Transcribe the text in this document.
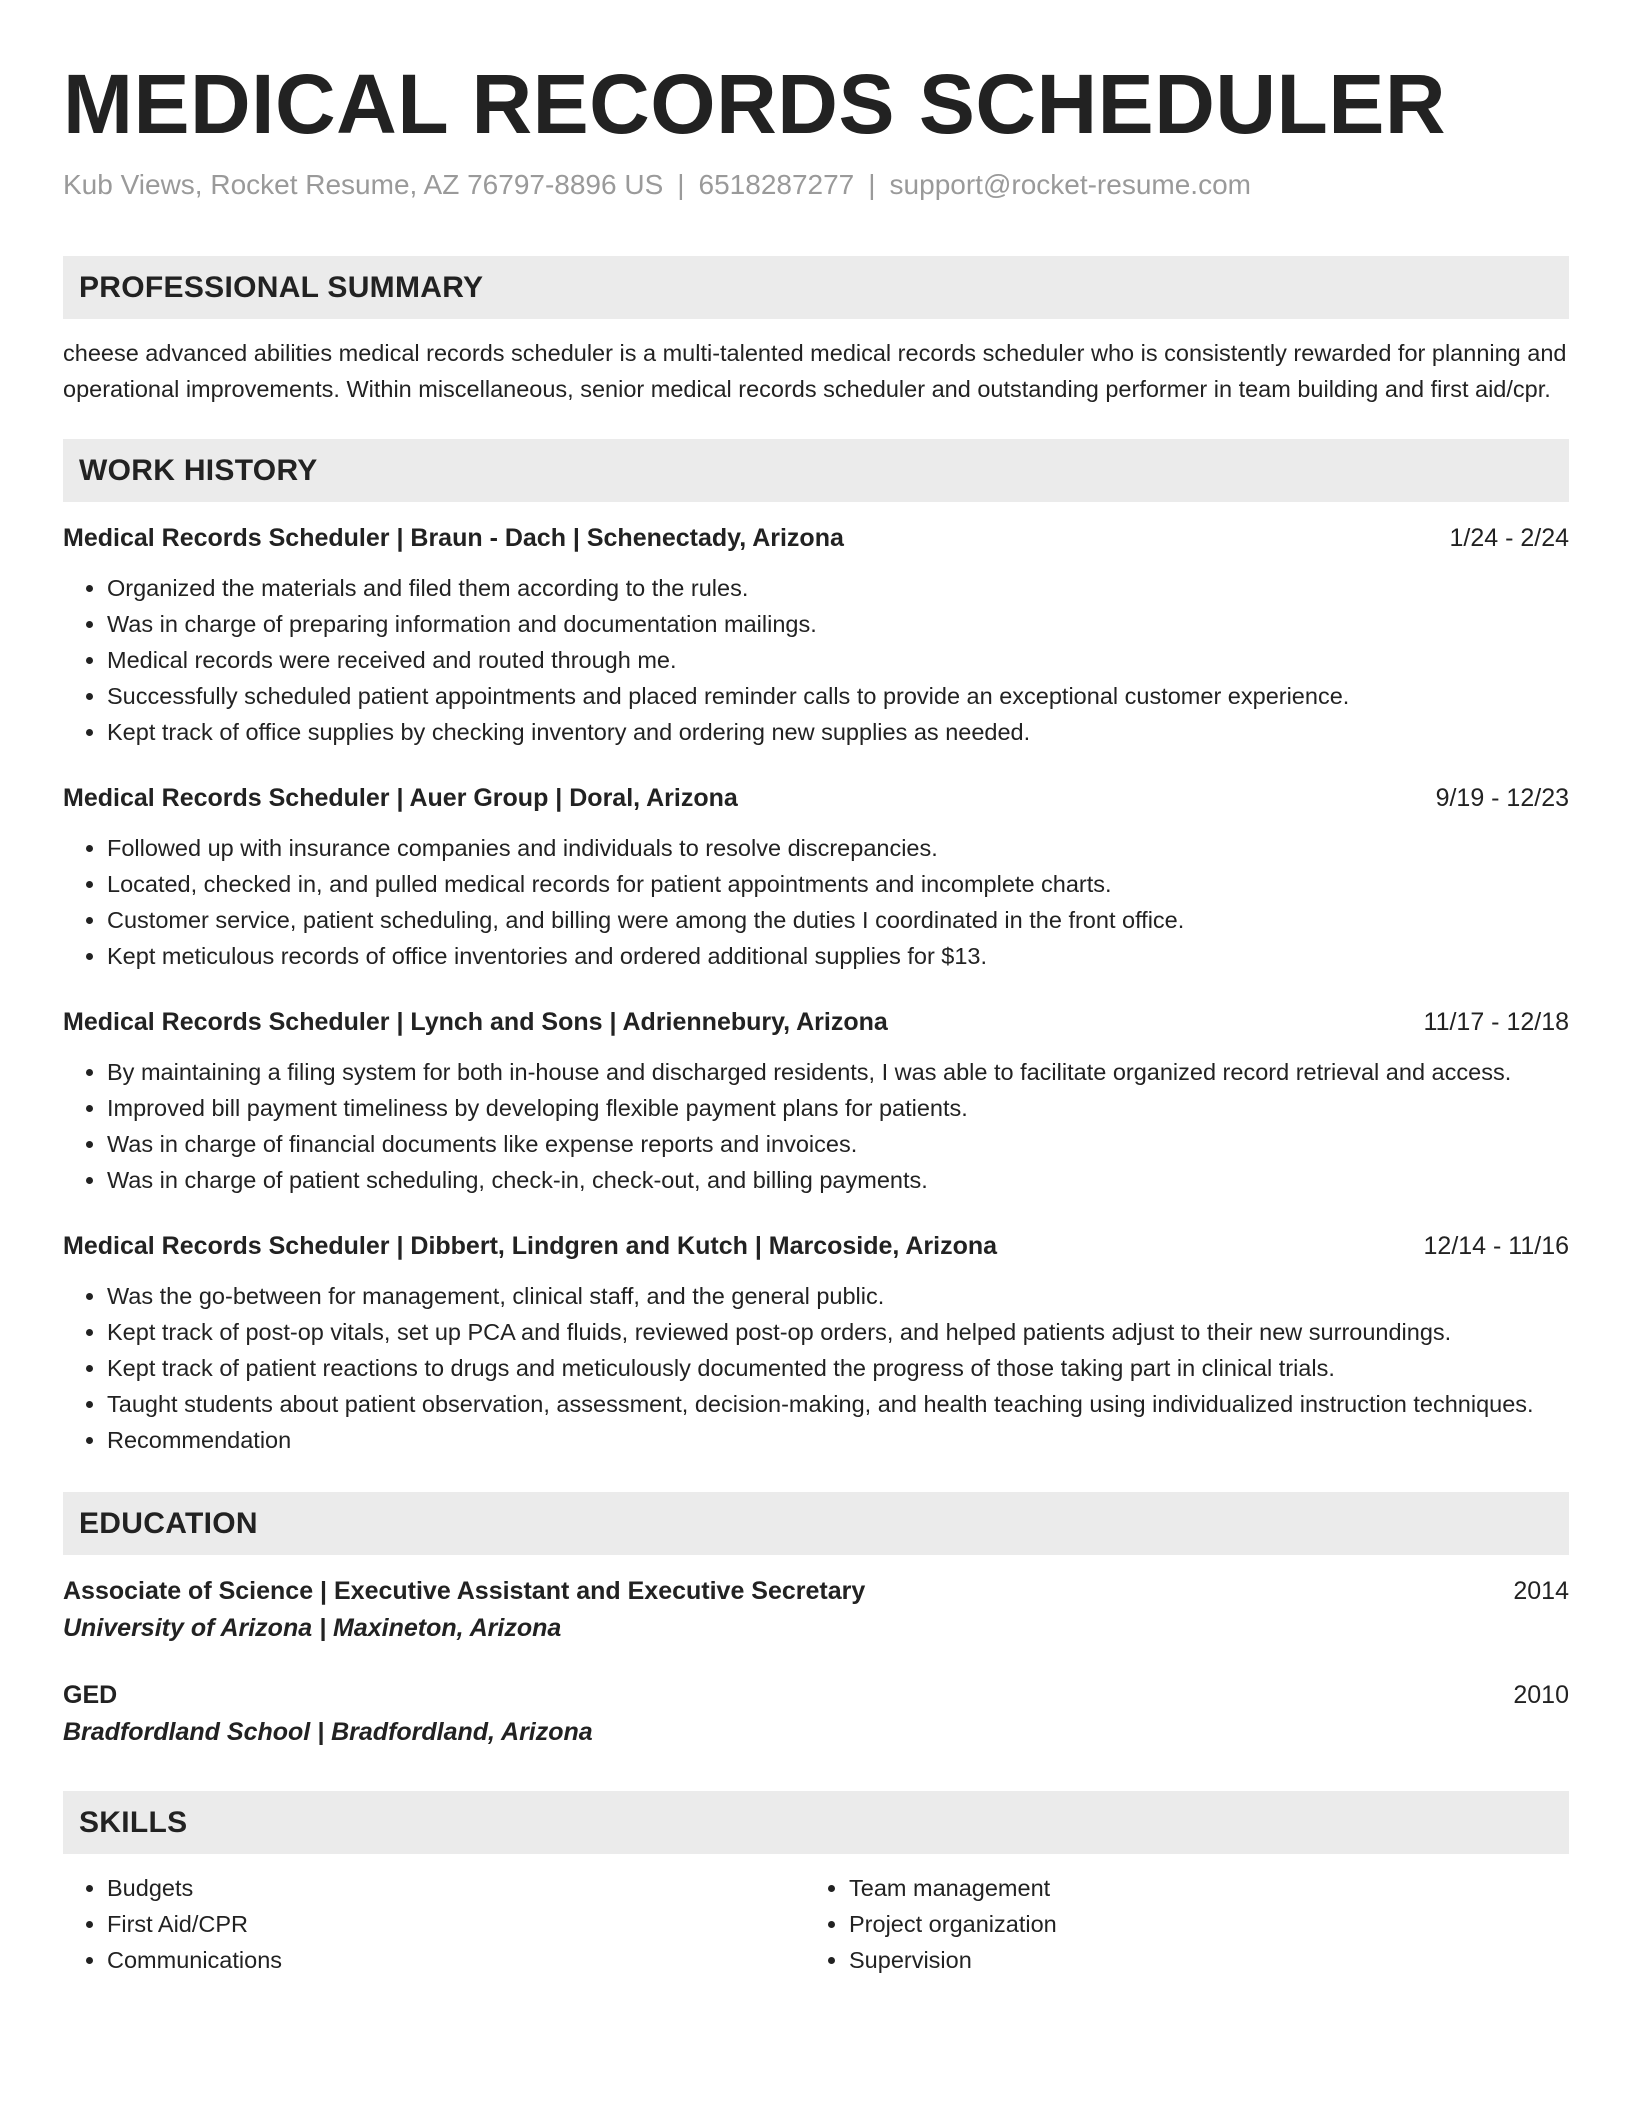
MEDICAL RECORDS SCHEDULER
Kub Views, Rocket Resume, AZ 76797-8896 US | 6518287277 | support@rocket-resume.com
PROFESSIONAL SUMMARY

cheese advanced abilities medical records scheduler is a multi-talented medical records scheduler who is consistently rewarded for planning and operational improvements. Within miscellaneous, senior medical records scheduler and outstanding performer in team building and first aid/cpr.

WORK HISTORY
Medical Records Scheduler | Braun - Dach | Schenectady, Arizona	1/24 - 2/24
• Organized the materials and filed them according to the rules.
• Was in charge of preparing information and documentation mailings.
• Medical records were received and routed through me.
• Successfully scheduled patient appointments and placed reminder calls to provide an exceptional customer experience.
• Kept track of office supplies by checking inventory and ordering new supplies as needed.
Medical Records Scheduler | Auer Group | Doral, Arizona	9/19 - 12/23
• Followed up with insurance companies and individuals to resolve discrepancies.
• Located, checked in, and pulled medical records for patient appointments and incomplete charts.
• Customer service, patient scheduling, and billing were among the duties I coordinated in the front office.
• Kept meticulous records of office inventories and ordered additional supplies for $13.
Medical Records Scheduler | Lynch and Sons | Adriennebury, Arizona	11/17 - 12/18
• By maintaining a filing system for both in-house and discharged residents, I was able to facilitate organized record retrieval and access.
• Improved bill payment timeliness by developing flexible payment plans for patients.
• Was in charge of financial documents like expense reports and invoices.
• Was in charge of patient scheduling, check-in, check-out, and billing payments.
Medical Records Scheduler | Dibbert, Lindgren and Kutch | Marcoside, Arizona	12/14 - 11/16
• Was the go-between for management, clinical staff, and the general public.
• Kept track of post-op vitals, set up PCA and fluids, reviewed post-op orders, and helped patients adjust to their new surroundings.
• Kept track of patient reactions to drugs and meticulously documented the progress of those taking part in clinical trials.
• Taught students about patient observation, assessment, decision-making, and health teaching using individualized instruction techniques.
• Recommendation
EDUCATION
Associate of Science | Executive Assistant and Executive Secretary	2014
University of Arizona | Maxineton, Arizona
GED	2010
Bradfordland School | Bradfordland, Arizona
SKILLS
• Budgets
• First Aid/CPR
• Communications
• Team management
• Project organization
• Supervision
